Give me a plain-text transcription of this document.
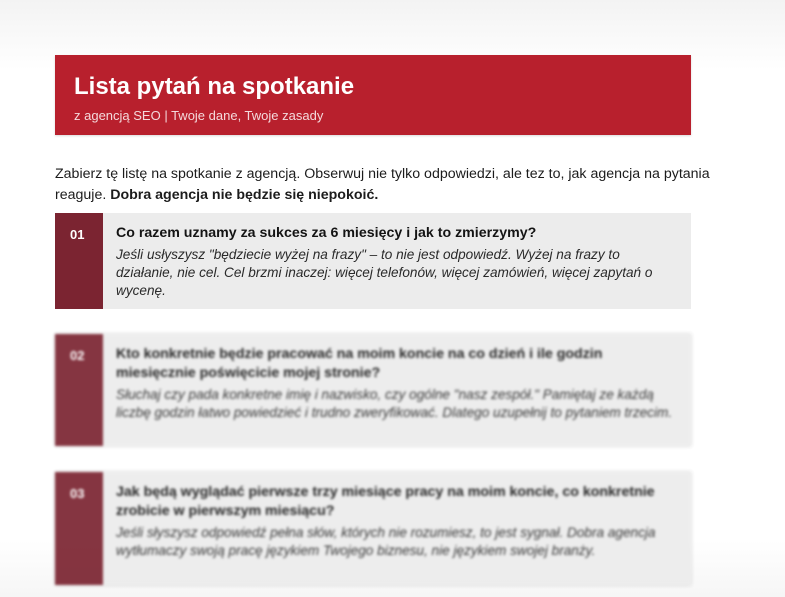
Lista pytań na spotkanie
z agencją SEO | Twoje dane, Twoje zasady
Zabierz tę listę na spotkanie z agencją. Obserwuj nie tylko odpowiedzi, ale tez to, jak agencja na pytania reaguje. Dobra agencja nie będzie się niepokoić.
01	Co razem uznamy za sukces za 6 miesięcy i jak to zmierzymy?
Jeśli usłyszysz "będziecie wyżej na frazy" – to nie jest odpowiedź. Wyżej na frazy to działanie, nie cel. Cel brzmi inaczej: więcej telefonów, więcej zamówień, więcej zapytań o wycenę.
02	Kto konkretnie będzie pracować na moim koncie na co dzień i ile godzin miesięcznie poświęcicie mojej stronie?
Słuchaj czy pada konkretne imię i nazwisko, czy ogólne "nasz zespół." Pamiętaj ze każdą liczbę godzin łatwo powiedzieć i trudno zweryfikować. Dlatego uzupełnij to pytaniem trzecim.
03	Jak będą wyglądać pierwsze trzy miesiące pracy na moim koncie, co konkretnie zrobicie w pierwszym miesiącu?
Jeśli słyszysz odpowiedź pełna słów, których nie rozumiesz, to jest sygnał. Dobra agencja wytłumaczy swoją pracę językiem Twojego biznesu, nie językiem swojej branży.
